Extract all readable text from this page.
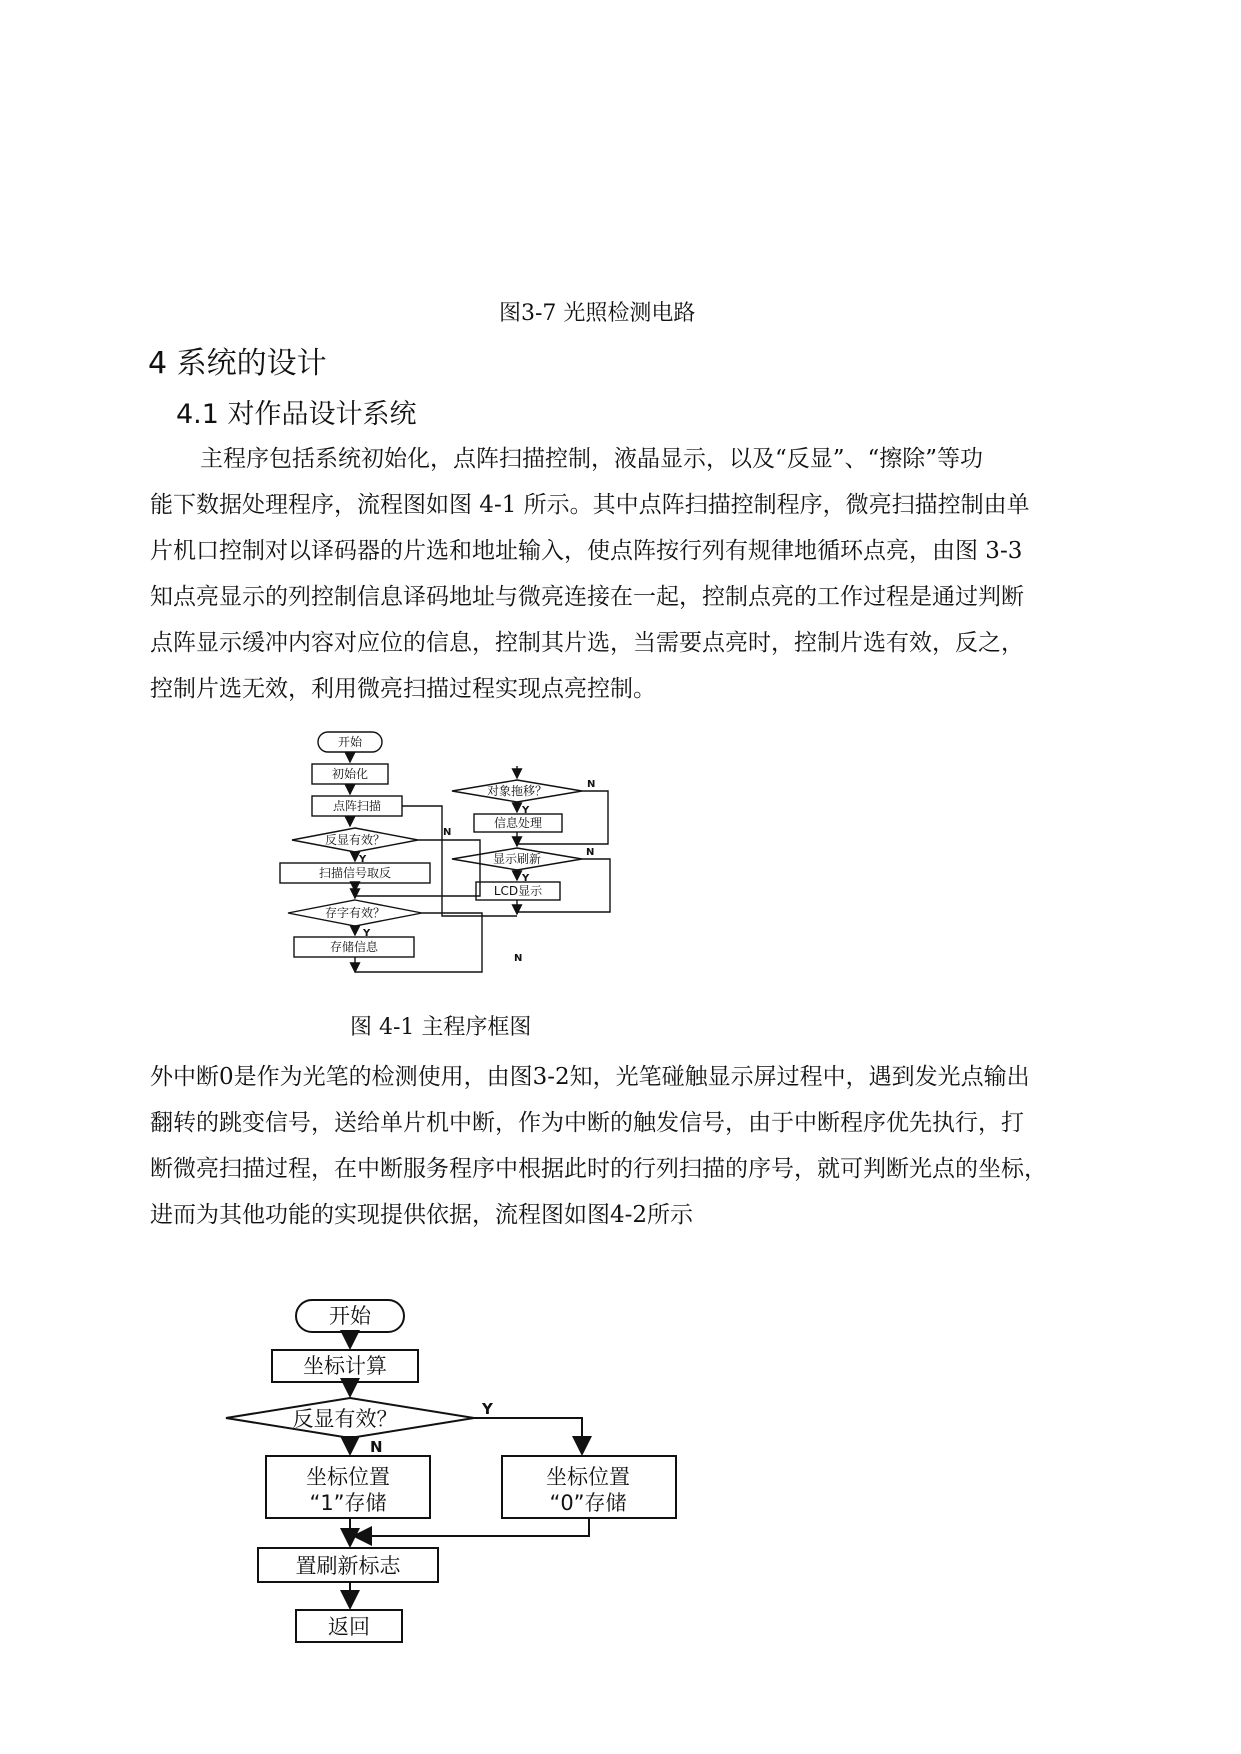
图3-7 光照检测电路
4 系统的设计
4.1 对作品设计系统
主程序包括系统初始化，点阵扫描控制，液晶显示，以及“反显”、“擦除”等功
能下数据处理程序，流程图如图 4-1 所示。其中点阵扫描控制程序，微亮扫描控制由单
片机口控制对以译码器的片选和地址输入，使点阵按行列有规律地循环点亮，由图 3-3
知点亮显示的列控制信息译码地址与微亮连接在一起，控制点亮的工作过程是通过判断
点阵显示缓冲内容对应位的信息，控制其片选，当需要点亮时，控制片选有效，反之，
控制片选无效，利用微亮扫描过程实现点亮控制。
开始
初始化
点阵扫描
反显有效？
扫描信号取反
存字有效？
存储信息
对象拖移？
信息处理
显示刷新
LCD显示
Y
N
Y
N
N
Y
N
Y
图 4-1 主程序框图
外中断0是作为光笔的检测使用，由图3-2知，光笔碰触显示屏过程中，遇到发光点输出
翻转的跳变信号，送给单片机中断，作为中断的触发信号，由于中断程序优先执行，打
断微亮扫描过程，在中断服务程序中根据此时的行列扫描的序号，就可判断光点的坐标，
进而为其他功能的实现提供依据，流程图如图4-2所示
开始
坐标计算
反显有效？
坐标位置
“1”存储
坐标位置
“0”存储
置刷新标志
返回
Y
N
